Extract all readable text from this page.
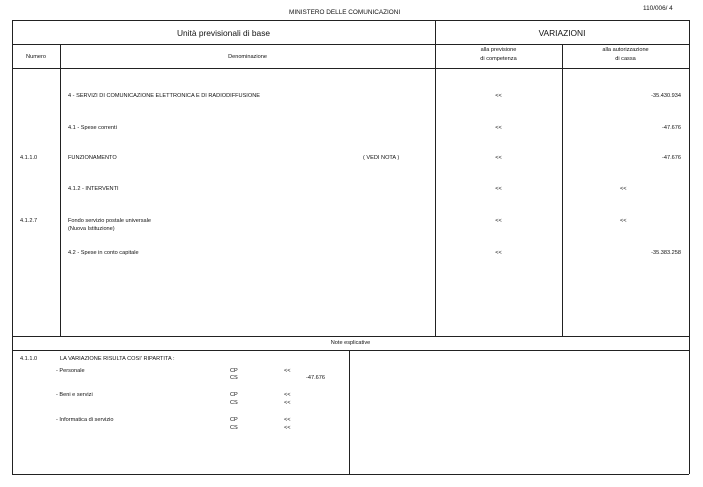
MINISTERO DELLE COMUNICAZIONI
110/006/ 4
Unità previsionali di base	VARIAZIONI
Numero	Denominazione
alla previsione
di competenza
alla autorizzazione
di cassa
4 - SERVIZI DI COMUNICAZIONE ELETTRONICA E DI RADIODIFFUSIONE	<<	-35.430.934
4.1 - Spese correnti	<<	-47.676
4.1.1.0	FUNZIONAMENTO	( VEDI NOTA )	<<	-47.676
4.1.2 - INTERVENTI	<<	<<
4.1.2.7	Fondo servizio postale universale
(Nuova Istituzione)
<<	<<
4.2 - Spese in conto capitale	<<	-35.383.258
Note esplicative
4.1.1.0	LA VARIAZIONE RISULTA COSI' RIPARTITA :
- Personale	CP	<<
CS	-47.676
- Beni e servizi	CP	<<
CS	<<
- Informatica di servizio	CP	<<
CS	<<
